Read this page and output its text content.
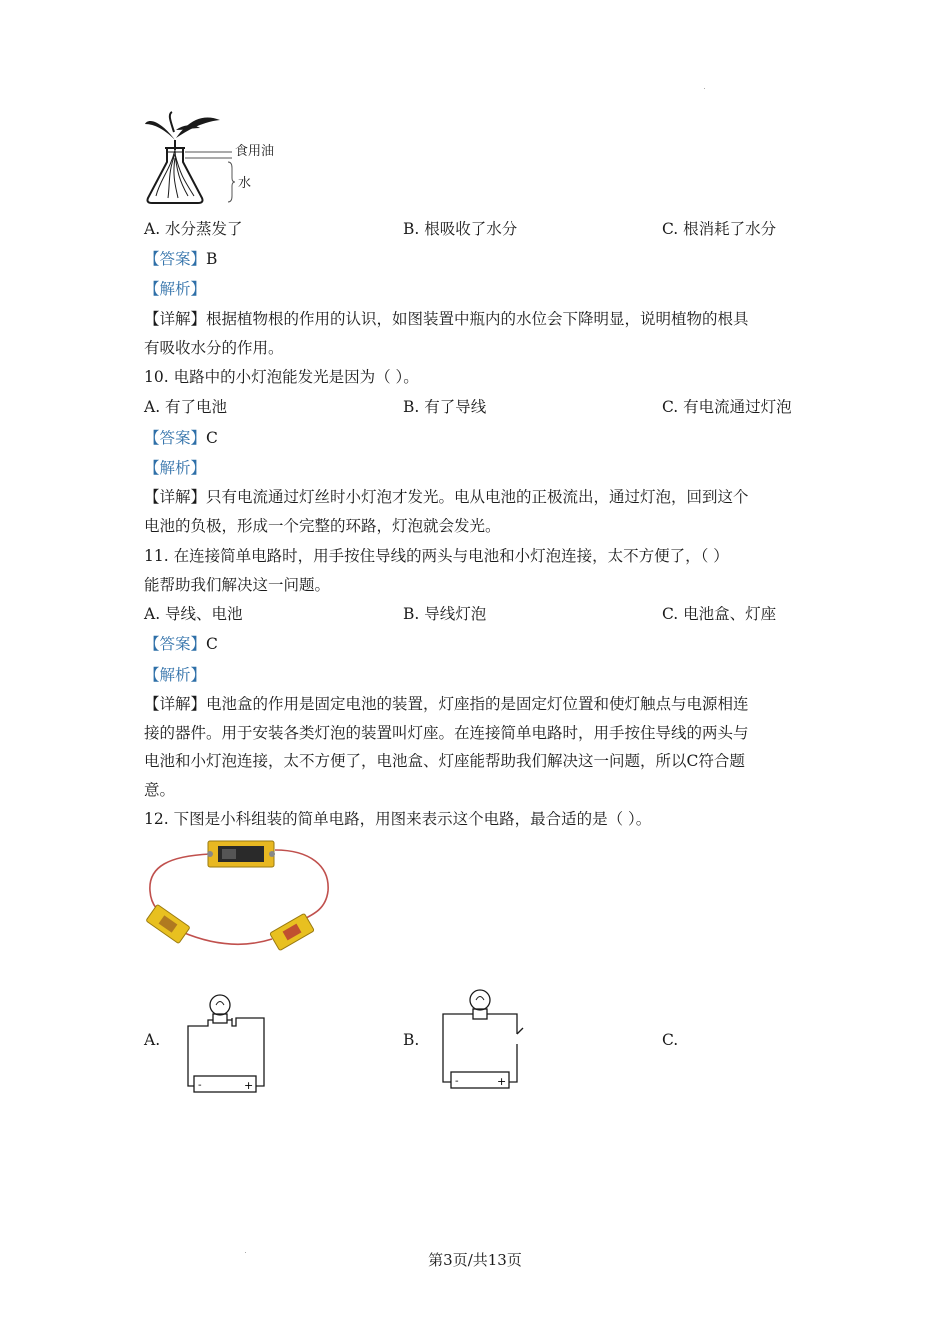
食用油
水
A. 水分蒸发了	B. 根吸收了水分	C. 根消耗了水分
【答案】B
【解析】
【详解】根据植物根的作用的认识，如图装置中瓶内的水位会下降明显，说明植物的根具
有吸收水分的作用。
10. 电路中的小灯泡能发光是因为（ ）。
A. 有了电池	B. 有了导线	C. 有电流通过灯泡
【答案】C
【解析】
【详解】只有电流通过灯丝时小灯泡才发光。电从电池的正极流出，通过灯泡，回到这个
电池的负极，形成一个完整的环路，灯泡就会发光。
11. 在连接简单电路时，用手按住导线的两头与电池和小灯泡连接，太不方便了，（ ）
能帮助我们解决这一问题。
A. 导线、电池	B. 导线灯泡	C. 电池盒、灯座
【答案】C
【解析】
【详解】电池盒的作用是固定电池的装置，灯座指的是固定灯位置和使灯触点与电源相连
接的器件。用于安装各类灯泡的装置叫灯座。在连接简单电路时，用手按住导线的两头与
电池和小灯泡连接，太不方便了，电池盒、灯座能帮助我们解决这一问题，所以C符合题
意。
12. 下图是小科组装的简单电路，用图来表示这个电路，最合适的是（ ）。
A.	B.	C.
-	+	-	+
第3页/共13页
